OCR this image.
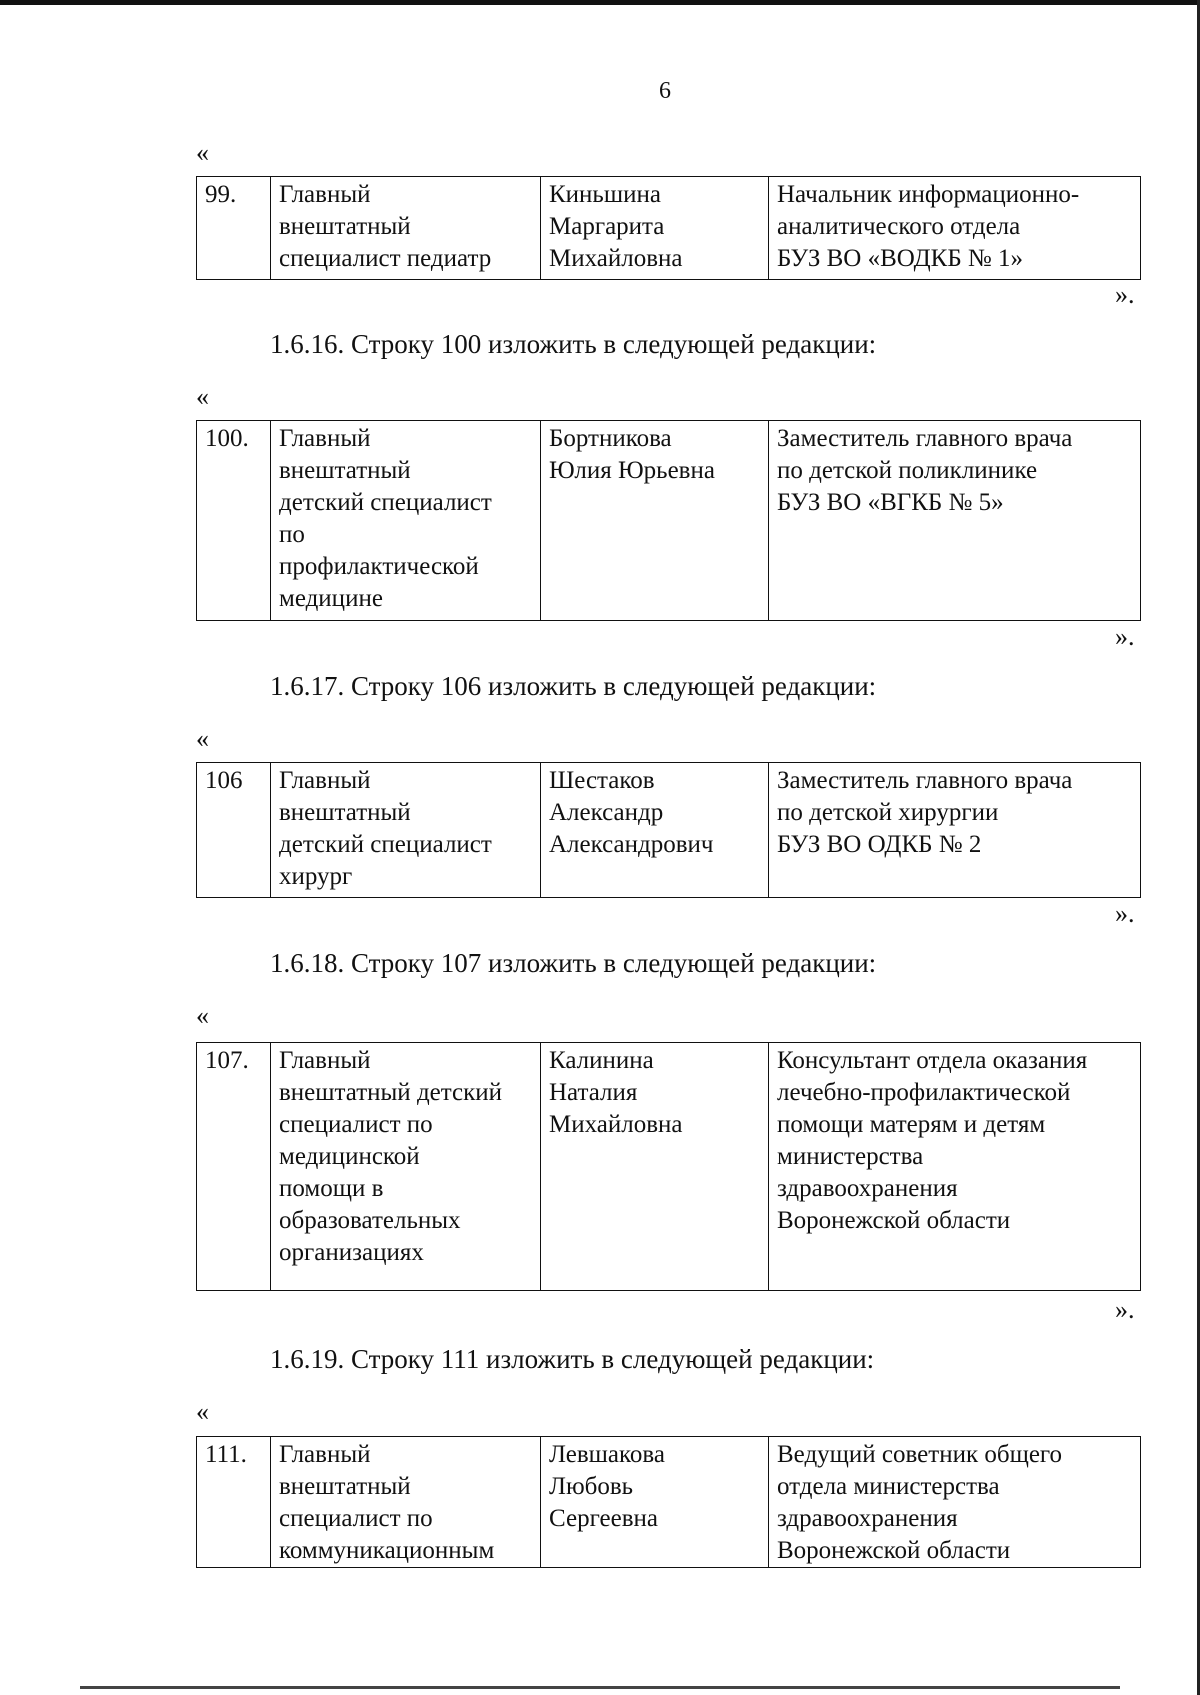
6
«
99.	Главный
внештатный
специалист педиатр	Киньшина
Маргарита
Михайловна	Начальник информационно-
аналитического отдела
БУЗ ВО «ВОДКБ № 1»
».
1.6.16. Строку 100 изложить в следующей редакции:
«
100.	Главный
внештатный
детский специалист
по
профилактической
медицине	Бортникова
Юлия Юрьевна	Заместитель главного врача
по детской поликлинике
БУЗ ВО «ВГКБ № 5»
».
1.6.17. Строку 106 изложить в следующей редакции:
«
106	Главный
внештатный
детский специалист
хирург	Шестаков
Александр
Александрович	Заместитель главного врача
по детской хирургии
БУЗ ВО ОДКБ № 2
».
1.6.18. Строку 107 изложить в следующей редакции:
«
107.	Главный
внештатный детский
специалист по
медицинской
помощи в
образовательных
организациях	Калинина
Наталия
Михайловна	Консультант отдела оказания
лечебно-профилактической
помощи матерям и детям
министерства
здравоохранения
Воронежской области
».
1.6.19. Строку 111 изложить в следующей редакции:
«
111.	Главный
внештатный
специалист по
коммуникационным	Левшакова
Любовь
Сергеевна	Ведущий советник общего
отдела министерства
здравоохранения
Воронежской области
